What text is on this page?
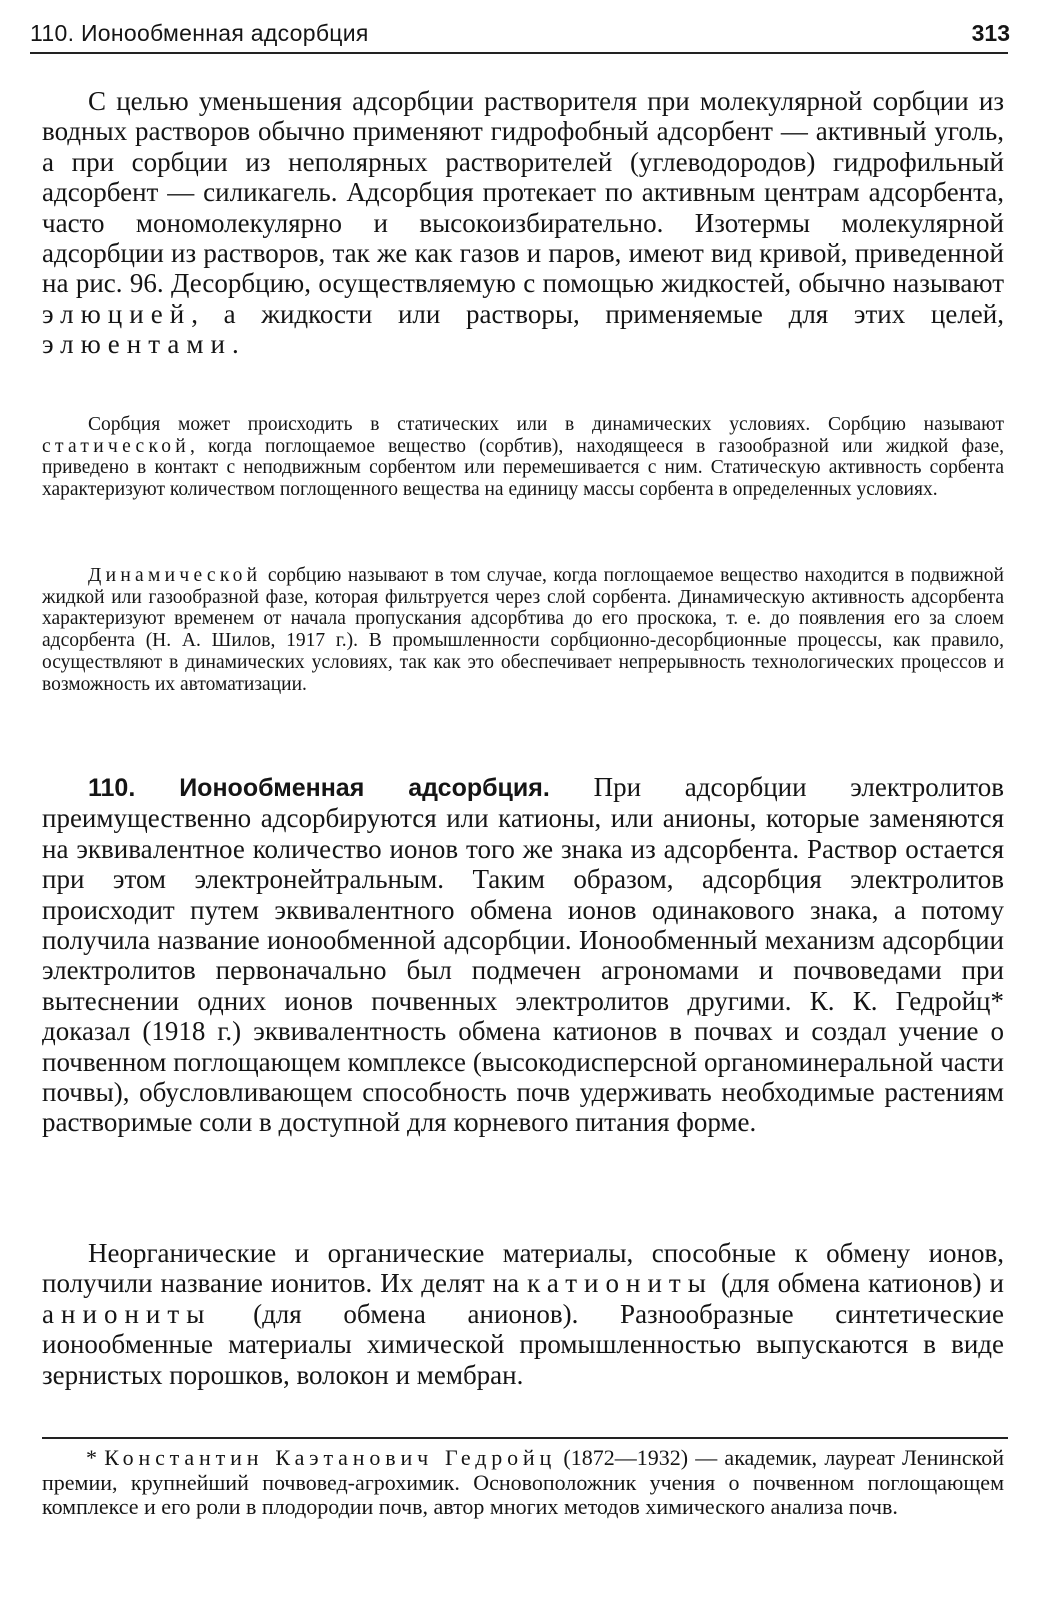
110. Ионообменная адсорбция	313

С целью уменьшения адсорбции растворителя при молекулярной сорбции из водных растворов обычно применяют гидрофобный адсорбент — активный уголь, а при сорбции из неполярных растворителей (углеводородов) гидрофильный адсорбент — силикагель. Адсорбция протекает по активным центрам адсорбента, часто мономолекулярно и высокоизбирательно. Изотермы молекулярной адсорбции из растворов, так же как газов и паров, имеют вид кривой, приведенной на рис. 96. Десорбцию, осуществляемую с помощью жидкостей, обычно называют элюцией, а жидкости или растворы, применяемые для этих целей, элюентами.

Сорбция может происходить в статических или в динамических условиях. Сорбцию называют статической, когда поглощаемое вещество (сорбтив), находящееся в газообразной или жидкой фазе, приведено в контакт с неподвижным сорбентом или перемешивается с ним. Статическую активность сорбента характеризуют количеством поглощенного вещества на единицу массы сорбента в определенных условиях.

Динамической сорбцию называют в том случае, когда поглощаемое вещество находится в подвижной жидкой или газообразной фазе, которая фильтруется через слой сорбента. Динамическую активность адсорбента характеризуют временем от начала пропускания адсорбтива до его проскока, т. е. до появления его за слоем адсорбента (Н. А. Шилов, 1917 г.). В промышленности сорбционно-десорбционные процессы, как правило, осуществляют в динамических условиях, так как это обеспечивает непрерывность технологических процессов и возможность их автоматизации.

110. Ионообменная адсорбция. При адсорбции электролитов преимущественно адсорбируются или катионы, или анионы, которые заменяются на эквивалентное количество ионов того же знака из адсорбента. Раствор остается при этом электронейтральным. Таким образом, адсорбция электролитов происходит путем эквивалентного обмена ионов одинакового знака, а потому получила название ионообменной адсорбции. Ионообменный механизм адсорбции электролитов первоначально был подмечен агрономами и почвоведами при вытеснении одних ионов почвенных электролитов другими. К. К. Гедройц* доказал (1918 г.) эквивалентность обмена катионов в почвах и создал учение о почвенном поглощающем комплексе (высокодисперсной органоминеральной части почвы), обусловливающем способность почв удерживать необходимые растениям растворимые соли в доступной для корневого питания форме.

Неорганические и органические материалы, способные к обмену ионов, получили название ионитов. Их делят на катиониты (для обмена катионов) и аниониты (для обмена анионов). Разнообразные синтетические ионообменные материалы химической промышленностью выпускаются в виде зернистых порошков, волокон и мембран.

* Константин Каэтанович Гедройц (1872—1932) — академик, лауреат Ленинской премии, крупнейший почвовед-агрохимик. Основоположник учения о почвенном поглощающем комплексе и его роли в плодородии почв, автор многих методов химического анализа почв.
